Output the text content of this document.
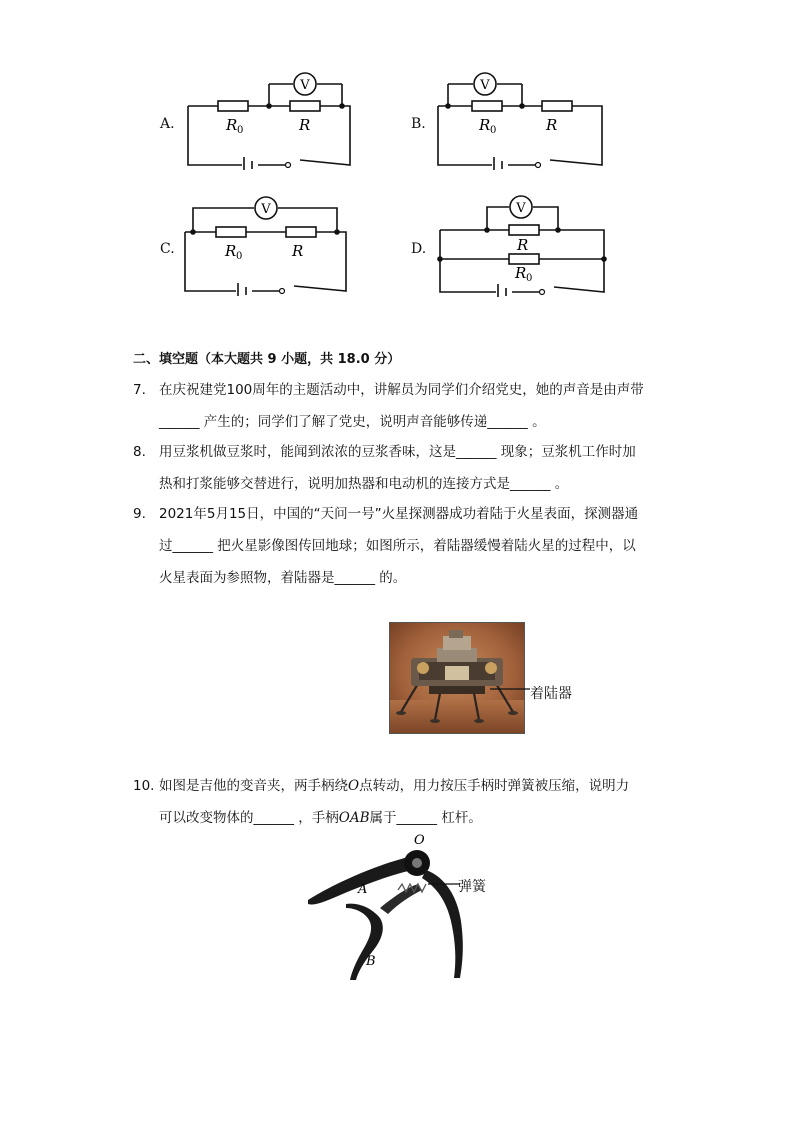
A.
V
R 0	R	B.
V
R 0	R
C.
V
R 0	R	D.
V
R
R 0
二、填空题（本大题共 9 小题，共 18.0 分）
7. 在庆祝建党100周年的主题活动中，讲解员为同学们介绍党史，她的声音是由声带
______ 产生的；同学们了解了党史，说明声音能够传递______ 。
8. 用豆浆机做豆浆时，能闻到浓浓的豆浆香味，这是______ 现象；豆浆机工作时加
热和打浆能够交替进行，说明加热器和电动机的连接方式是______ 。
9. 2021年5月15日，中国的“天问一号”火星探测器成功着陆于火星表面，探测器通
过______ 把火星影像图传回地球；如图所示，着陆器缓慢着陆火星的过程中，以
火星表面为参照物，着陆器是______ 的。
着陆器
10. 如图是吉他的变音夹，两手柄绕O点转动，用力按压手柄时弹簧被压缩，说明力
可以改变物体的______ ，手柄OAB属于______ 杠杆。
O
A
B
弹簧
